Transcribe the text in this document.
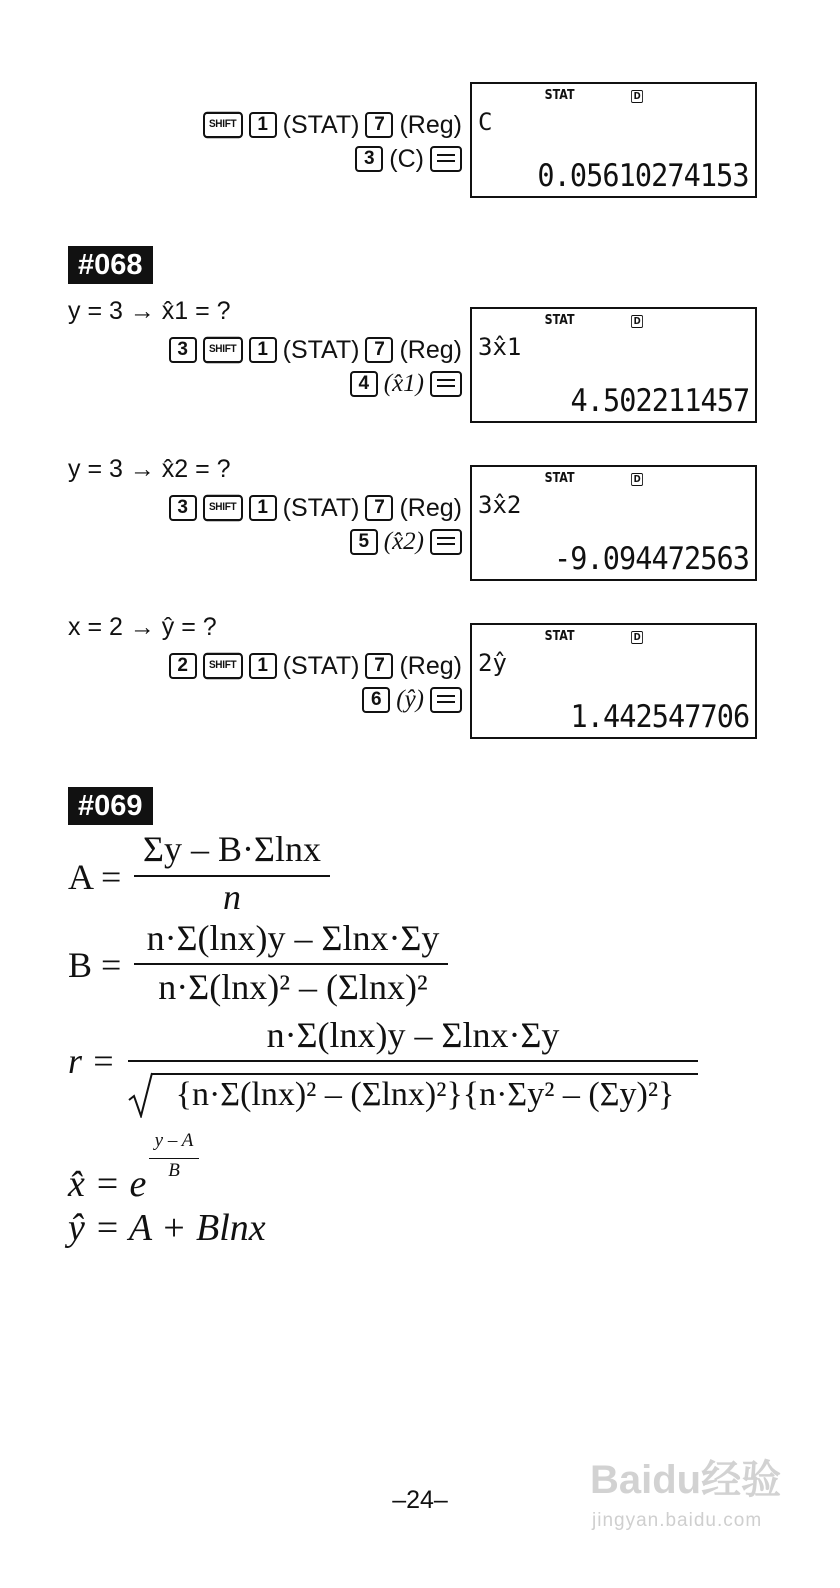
SHIFT	1 (STAT) 7 (Reg)
3 (C)
STAT	D
C
0.05610274153
#068
y = 3 → x̂1 = ?
3	SHIFT	1 (STAT) 7 (Reg)
4 (x̂1)
STAT	D
3x̂1
4.502211457
y = 3 → x̂2 = ?
3	SHIFT	1 (STAT) 7 (Reg)
5 (x̂2)
STAT	D
3x̂2
-9.094472563
x = 2 → ŷ = ?
2	SHIFT	1 (STAT) 7 (Reg)
6 (ŷ)
STAT	D
2ŷ
1.442547706
#069
A =
Σy – B·Σlnx
n
B =
n·Σ(lnx)y – Σlnx·Σy
n·Σ(lnx)² – (Σlnx)²
r =
n·Σ(lnx)y – Σlnx·Σy
{n·Σ(lnx)² – (Σlnx)²}{n·Σy² – (Σy)²}
x̂ = e
y – A
B
ŷ = A + Blnx
–24–	Baidu经验
jingyan.baidu.com
